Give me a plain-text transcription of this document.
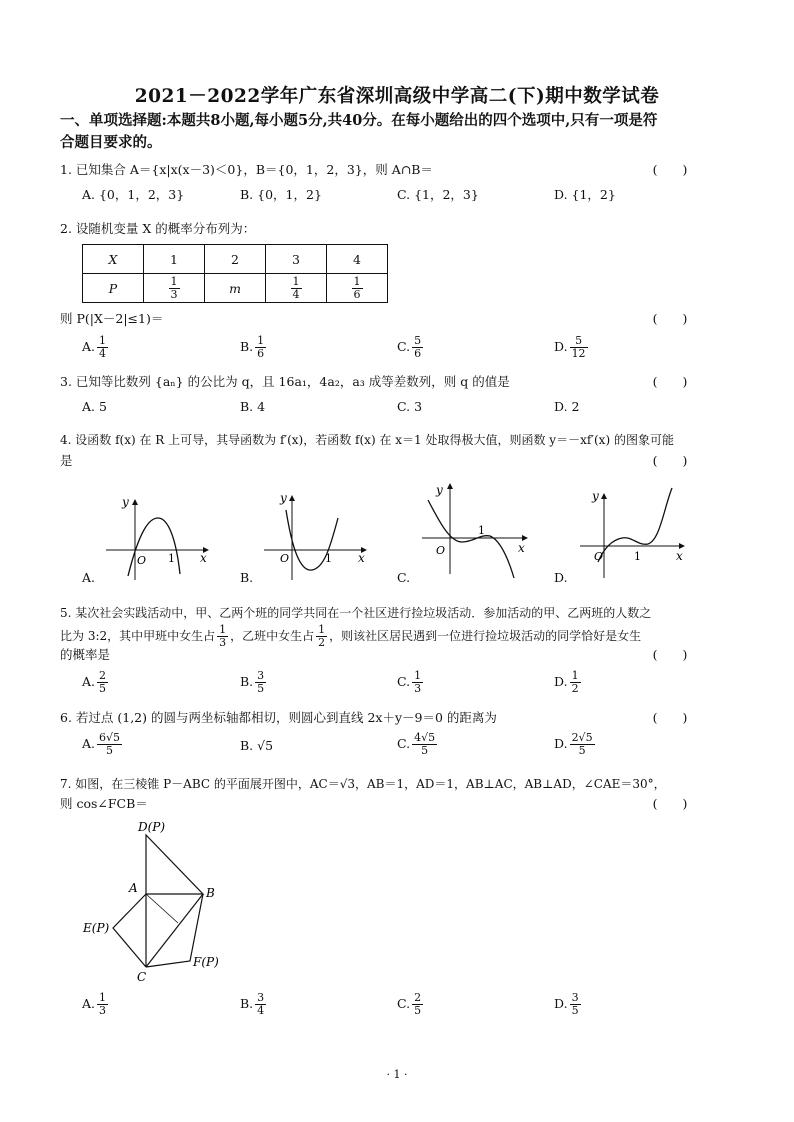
2021－2022学年广东省深圳高级中学高二(下)期中数学试卷
一、单项选择题:本题共8小题,每小题5分,共40分。在每小题给出的四个选项中,只有一项是符
合题目要求的。
1. 已知集合 A＝{x|x(x－3)＜0}，B＝{0，1，2，3}，则 A∩B＝	(　　)
A. {0，1，2，3}	B. {0，1，2}	C. {1，2，3}	D. {1，2}
2. 设随机变量 X 的概率分布列为：
X	1	2	3	4
P	$\frac{1}{3}$	m	$\frac{1}{4}$	$\frac{1}{6}$
则 P(|X－2|≤1)＝	(　　)
A. $\frac{1}{4}$	B. $\frac{1}{6}$	C. $\frac{5}{6}$	D. $\frac{5}{12}$
3. 已知等比数列 {aₙ} 的公比为 q，且 16a₁，4a₂，a₃ 成等差数列，则 q 的值是	(　　)
A. 5	B. 4	C. 3	D. 2
4. 设函数 f(x) 在 R 上可导，其导函数为 f′(x)，若函数 f(x) 在 x＝1 处取得极大值，则函数 y＝－xf′(x) 的图象可能
是	(　　)
y
x
O 1
y
x
O	1
y
x
O
1
y
x
O	1
A.	B.	C.	D.
5. 某次社会实践活动中，甲、乙两个班的同学共同在一个社区进行捡垃圾活动．参加活动的甲、乙两班的人数之
比为 3:2，其中甲班中女生占 $\frac{1}{3}$ ，乙班中女生占 $\frac{1}{2}$ ，则该社区居民遇到一位进行捡垃圾活动的同学恰好是女生
的概率是	(　　)
A. $\frac{2}{5}$	B. $\frac{3}{5}$	C. $\frac{1}{3}$	D. $\frac{1}{2}$
6. 若过点 (1,2) 的圆与两坐标轴都相切，则圆心到直线 2x＋y－9＝0 的距离为	(　　)
A. $\frac{6√5}{5}$	B. √5	C. $\frac{4√5}{5}$	D. $\frac{2√5}{5}$
7. 如图，在三棱锥 P－ABC 的平面展开图中，AC＝√3，AB＝1，AD＝1，AB⊥AC，AB⊥AD，∠CAE＝30°，
则 cos∠FCB＝	(　　)
D(P)
A	B
E(P)
C
F(P)
A. $\frac{1}{3}$	B. $\frac{3}{4}$	C. $\frac{2}{5}$	D. $\frac{3}{5}$
· 1 ·
